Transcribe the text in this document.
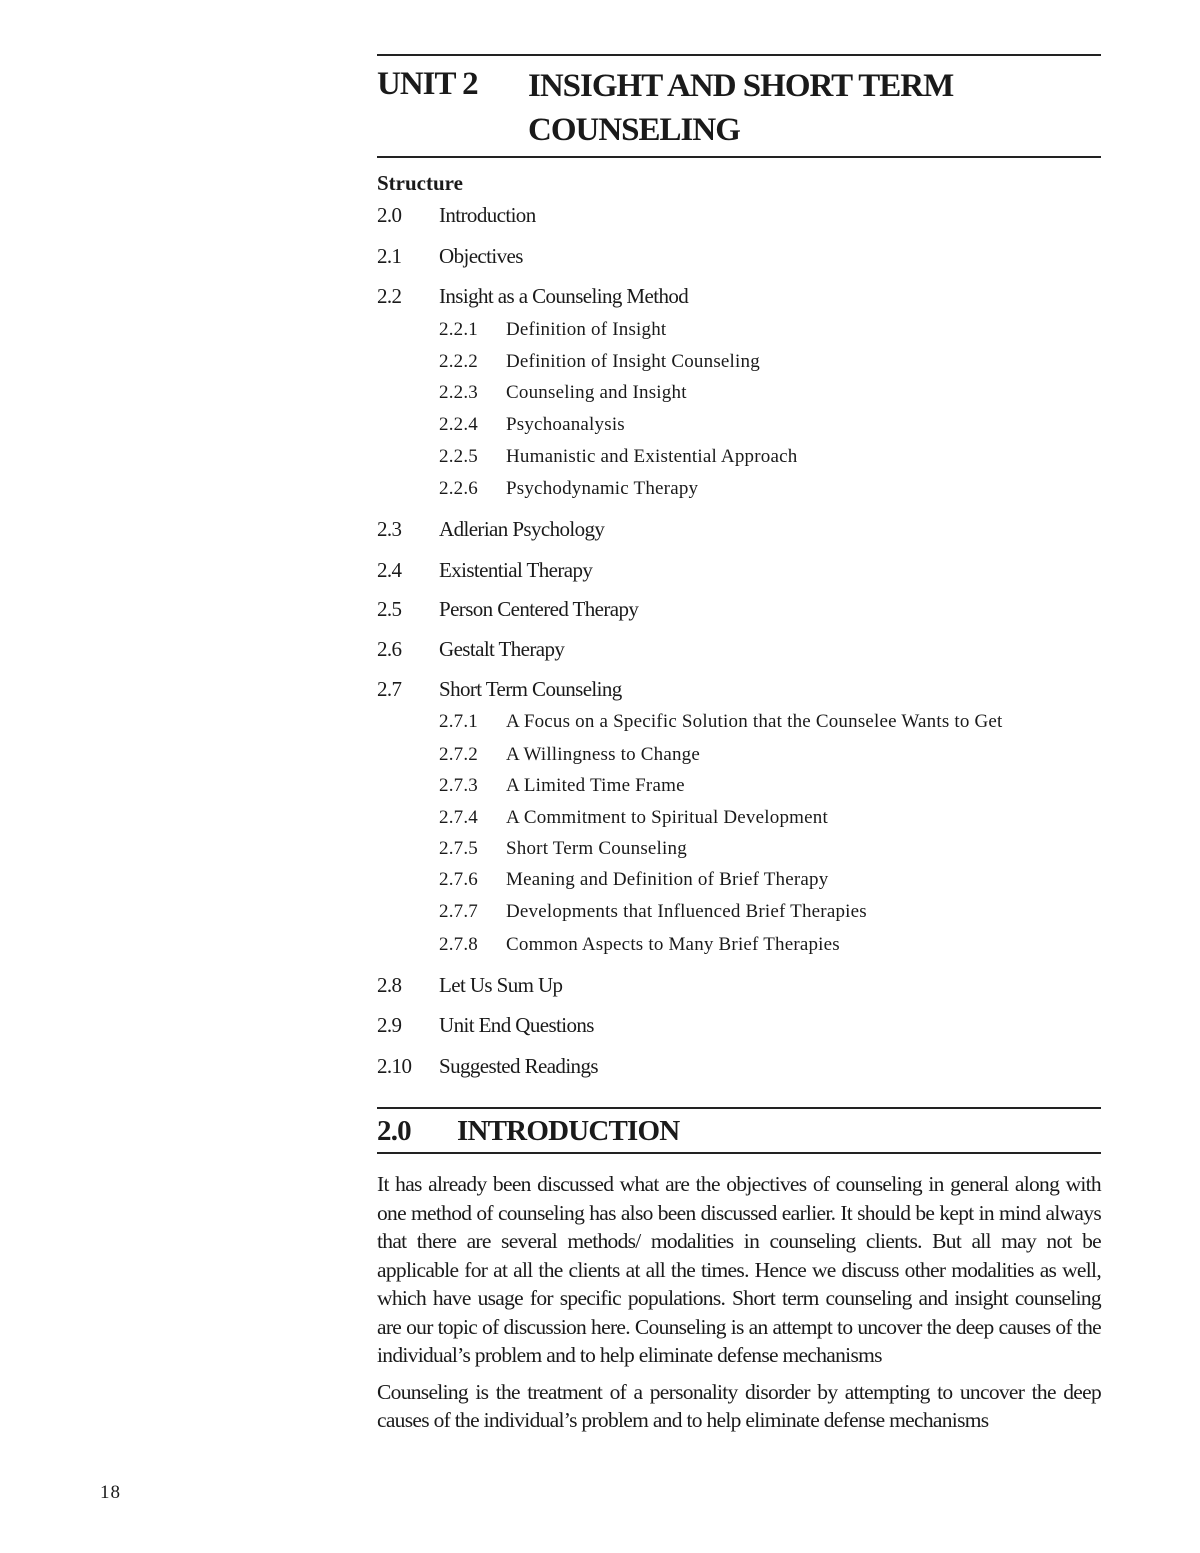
UNIT 2	INSIGHT AND SHORT TERM
COUNSELING
Structure
2.0	Introduction
2.1	Objectives
2.2	Insight as a Counseling Method
2.2.1	Definition of Insight
2.2.2	Definition of Insight Counseling
2.2.3	Counseling and Insight
2.2.4	Psychoanalysis
2.2.5	Humanistic and Existential Approach
2.2.6	Psychodynamic Therapy
2.3	Adlerian Psychology
2.4	Existential Therapy
2.5	Person Centered Therapy
2.6	Gestalt Therapy
2.7	Short Term Counseling
2.7.1	A Focus on a Specific Solution that the Counselee Wants to Get
2.7.2	A Willingness to Change
2.7.3	A Limited Time Frame
2.7.4	A Commitment to Spiritual Development
2.7.5	Short Term Counseling
2.7.6	Meaning and Definition of Brief Therapy
2.7.7	Developments that Influenced Brief Therapies
2.7.8	Common Aspects to Many Brief Therapies
2.8	Let Us Sum Up
2.9	Unit End Questions
2.10	Suggested Readings
2.0	INTRODUCTION

It has already been discussed what are the objectives of counseling in general along with one method of counseling has also been discussed earlier. It should be kept in mind always that there are several methods/ modalities in counseling clients. But all may not be applicable for at all the clients at all the times. Hence we discuss other modalities as well, which have usage for specific populations. Short term counseling and insight counseling are our topic of discussion here. Counseling is an attempt to uncover the deep causes of the individual’s problem and to help eliminate defense mechanisms

Counseling is the treatment of a personality disorder by attempting to uncover the deep causes of the individual’s problem and to help eliminate defense mechanisms

18
